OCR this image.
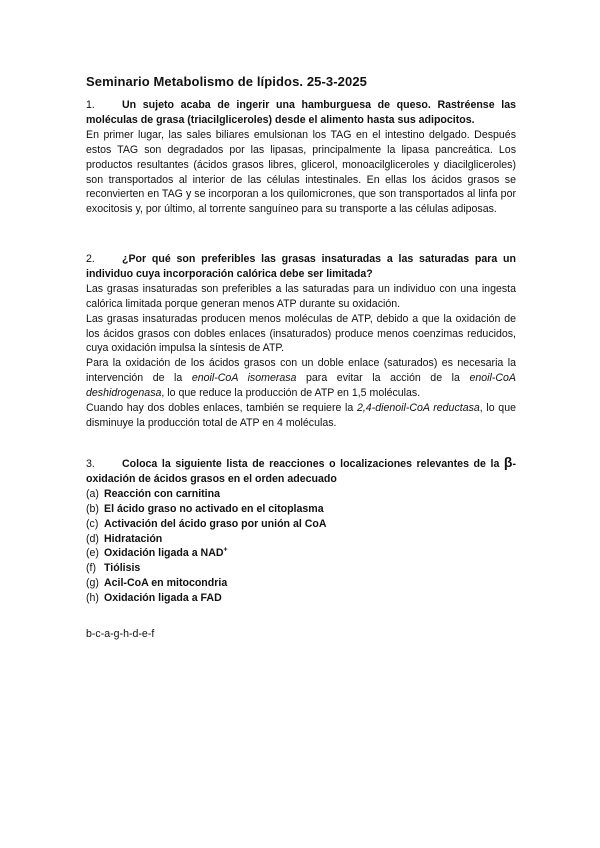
Seminario Metabolismo de lípidos. 25-3-2025
1.	Un sujeto acaba de ingerir una hamburguesa de queso. Rastréense las moléculas de grasa (triacilgliceroles) desde el alimento hasta sus adipocitos.

En primer lugar, las sales biliares emulsionan los TAG en el intestino delgado. Después estos TAG son degradados por las lipasas, principalmente la lipasa pancreática. Los productos resultantes (ácidos grasos libres, glicerol, monoacilgliceroles y diacilgliceroles) son transportados al interior de las células intestinales. En ellas los ácidos grasos se reconvierten en TAG y se incorporan a los quilomicrones, que son transportados al linfa por exocitosis y, por último, al torrente sanguíneo para su transporte a las células adiposas.

2.	¿Por qué son preferibles las grasas insaturadas a las saturadas para un individuo cuya incorporación calórica debe ser limitada?

Las grasas insaturadas son preferibles a las saturadas para un individuo con una ingesta calórica limitada porque generan menos ATP durante su oxidación.

Las grasas insaturadas producen menos moléculas de ATP, debido a que la oxidación de los ácidos grasos con dobles enlaces (insaturados) produce menos coenzimas reducidos, cuya oxidación impulsa la síntesis de ATP.

Para la oxidación de los ácidos grasos con un doble enlace (saturados) es necesaria la intervención de la enoil-CoA isomerasa para evitar la acción de la enoil-CoA deshidrogenasa, lo que reduce la producción de ATP en 1,5 moléculas.

Cuando hay dos dobles enlaces, también se requiere la 2,4-dienoil-CoA reductasa, lo que disminuye la producción total de ATP en 4 moléculas.

3.	Coloca la siguiente lista de reacciones o localizaciones relevantes de la β-oxidación de ácidos grasos en el orden adecuado
(a) Reacción con carnitina
(b) El ácido graso no activado en el citoplasma
(c) Activación del ácido graso por unión al CoA
(d) Hidratación
(e) Oxidación ligada a NAD+
(f) Tiólisis
(g) Acil-CoA en mitocondria
(h) Oxidación ligada a FAD
b-c-a-g-h-d-e-f
